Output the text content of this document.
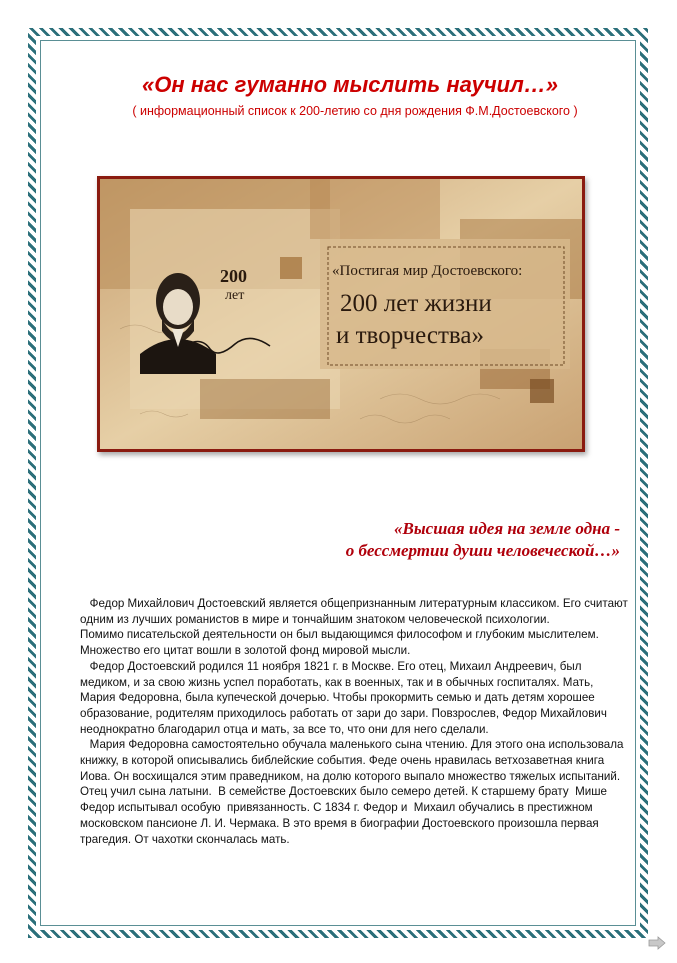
«Он нас гуманно мыслить научил…»
( информационный список к 200-летию со дня рождения Ф.М.Достоевского )
200
лет
«Постигая мир Достоевского:
200 лет жизни
и творчества»
«Высшая идея на земле одна -
о бессмертии души человеческой…»

Федор Михайлович Достоевский является общепризнанным литературным классиком. Его считают одним из лучших романистов в мире и тончайшим знатоком человеческой психологии.

Помимо писательской деятельности он был выдающимся философом и глубоким мыслителем. Множество его цитат вошли в золотой фонд мировой мысли.

Федор Достоевский родился 11 ноября 1821 г. в Москве. Его отец, Михаил Андреевич, был медиком, и за свою жизнь успел поработать, как в военных, так и в обычных госпиталях. Мать, Мария Федоровна, была купеческой дочерью. Чтобы прокормить семью и дать детям хорошее образование, родителям приходилось работать от зари до зари. Повзрослев, Федор Михайлович неоднократно благодарил отца и мать, за все то, что они для него сделали.

Мария Федоровна самостоятельно обучала маленького сына чтению. Для этого она использовала книжку, в которой описывались библейские события. Феде очень нравилась ветхозаветная книга Иова. Он восхищался этим праведником, на долю которого выпало множество тяжелых испытаний. Отец учил сына латыни.  В семействе Достоевских было семеро детей. К старшему брату  Мише Федор испытывал особую  привязанность. С 1834 г. Федор и  Михаил обучались в престижном московском пансионе Л. И. Чермака. В это время в биографии Достоевского произошла первая трагедия. От чахотки скончалась мать.
